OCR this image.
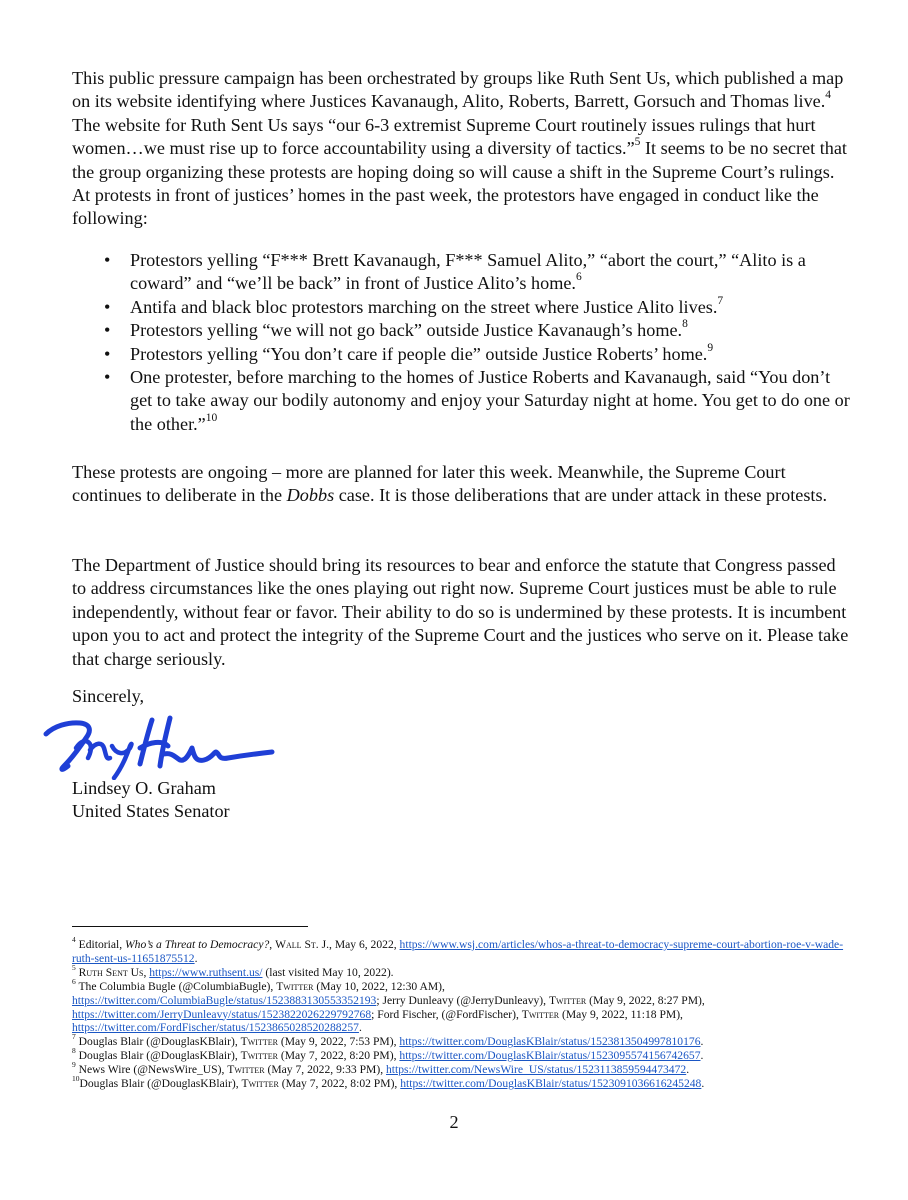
This public pressure campaign has been orchestrated by groups like Ruth Sent Us, which published a map on its website identifying where Justices Kavanaugh, Alito, Roberts, Barrett, Gorsuch and Thomas live.$^4$ The website for Ruth Sent Us says “our 6-3 extremist Supreme Court routinely issues rulings that hurt women…we must rise up to force accountability using a diversity of tactics.”$^5$ It seems to be no secret that the group organizing these protests are hoping doing so will cause a shift in the Supreme Court’s rulings. At protests in front of justices’ homes in the past week, the protestors have engaged in conduct like the following:

• Protestors yelling “F*** Brett Kavanaugh, F*** Samuel Alito,” “abort the court,” “Alito is a coward” and “we’ll be back” in front of Justice Alito’s home.$^6$
• Antifa and black bloc protestors marching on the street where Justice Alito lives.$^7$
• Protestors yelling “we will not go back” outside Justice Kavanaugh’s home.$^8$
• Protestors yelling “You don’t care if people die” outside Justice Roberts’ home.$^9$
• One protester, before marching to the homes of Justice Roberts and Kavanaugh, said “You don’t get to take away our bodily autonomy and enjoy your Saturday night at home. You get to do one or the other.”$^{10}$

These protests are ongoing – more are planned for later this week. Meanwhile, the Supreme Court continues to deliberate in the Dobbs case. It is those deliberations that are under attack in these protests.

The Department of Justice should bring its resources to bear and enforce the statute that Congress passed to address circumstances like the ones playing out right now. Supreme Court justices must be able to rule independently, without fear or favor. Their ability to do so is undermined by these protests. It is incumbent upon you to act and protect the integrity of the Supreme Court and the justices who serve on it. Please take that charge seriously.

Sincerely,

Lindsey O. Graham
United States Senator

$^4$ Editorial, Who’s a Threat to Democracy?, Wall St. J., May 6, 2022, https://www.wsj.com/articles/whos-a-threat-to-democracy-supreme-court-abortion-roe-v-wade-ruth-sent-us-11651875512.
$^5$ Ruth Sent Us, https://www.ruthsent.us/ (last visited May 10, 2022).
$^6$ The Columbia Bugle (@ColumbiaBugle), Twitter (May 10, 2022, 12:30 AM),
https://twitter.com/ColumbiaBugle/status/1523883130553352193; Jerry Dunleavy (@JerryDunleavy), Twitter (May 9, 2022, 8:27 PM),
https://twitter.com/JerryDunleavy/status/1523822026229792768; Ford Fischer, (@FordFischer), Twitter (May 9, 2022, 11:18 PM),
https://twitter.com/FordFischer/status/1523865028520288257.
$^7$ Douglas Blair (@DouglasKBlair), Twitter (May 9, 2022, 7:53 PM), https://twitter.com/DouglasKBlair/status/1523813504997810176.
$^8$ Douglas Blair (@DouglasKBlair), Twitter (May 7, 2022, 8:20 PM), https://twitter.com/DouglasKBlair/status/1523095574156742657.
$^9$ News Wire (@NewsWire_US), Twitter (May 7, 2022, 9:33 PM), https://twitter.com/NewsWire_US/status/1523113859594473472.
$^{10}$Douglas Blair (@DouglasKBlair), Twitter (May 7, 2022, 8:02 PM), https://twitter.com/DouglasKBlair/status/1523091036616245248.
2
